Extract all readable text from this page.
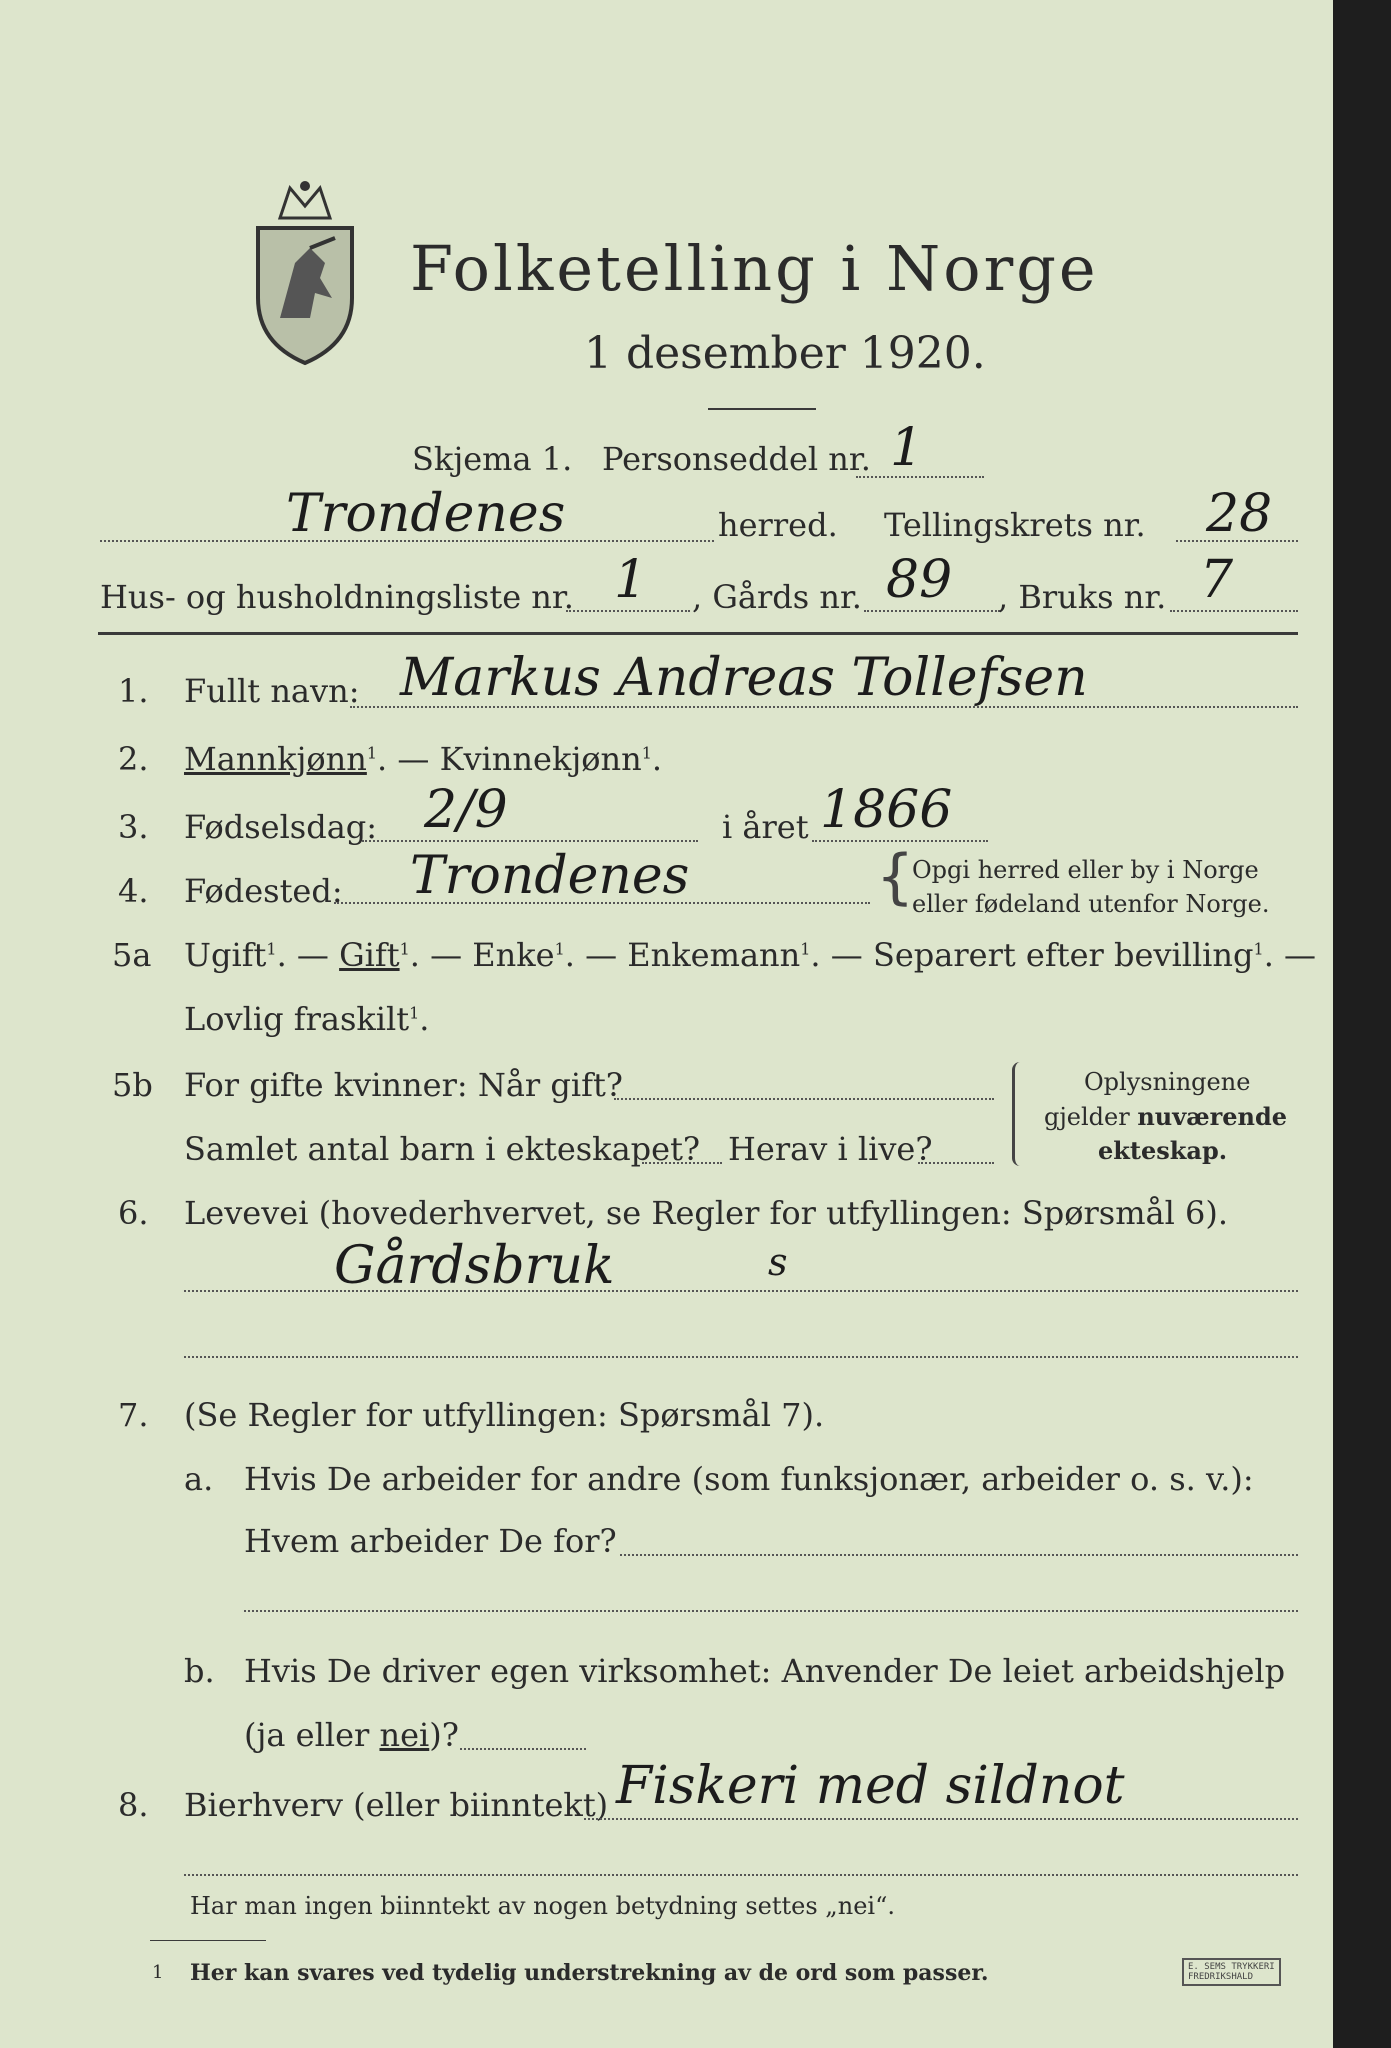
Folketelling i Norge
1 desember 1920.
Skjema 1. Personseddel nr. 1
Trondenes	herred. Tellingskrets nr. 28
Hus- og husholdningsliste nr. 1 , Gårds nr. 89 , Bruks nr. 7
1. Fullt navn: Markus Andreas Tollefsen
2. Mannkjønn$^1$. — Kvinnekjønn$^1$.
3. Fødselsdag: 2/9	i året 1866
4. Fødested: Trondenes	{
Opgi herred eller by i Norge
eller fødeland utenfor Norge.
5a Ugift$^1$. — Gift$^1$. — Enke$^1$. — Enkemann$^1$. — Separert efter bevilling$^1$. —
Lovlig fraskilt$^1$.
5b For gifte kvinner: Når gift?
Samlet antal barn i ekteskapet? Herav i live?
Oplysningene
gjelder nuværende
ekteskap.
6. Levevei (hovederhvervet, se Regler for utfyllingen: Spørsmål 6).
Gårdsbruk	s
7. (Se Regler for utfyllingen: Spørsmål 7).
a. Hvis De arbeider for andre (som funksjonær, arbeider o. s. v.):
Hvem arbeider De for?
b. Hvis De driver egen virksomhet: Anvender De leiet arbeidshjelp
(ja eller nei)?
8. Bierhverv (eller biinntekt) Fiskeri med sildnot
Har man ingen biinntekt av nogen betydning settes „nei“.
1 Her kan svares ved tydelig understrekning av de ord som passer.	E. SEMS TRYKKERI
FREDRIKSHALD
